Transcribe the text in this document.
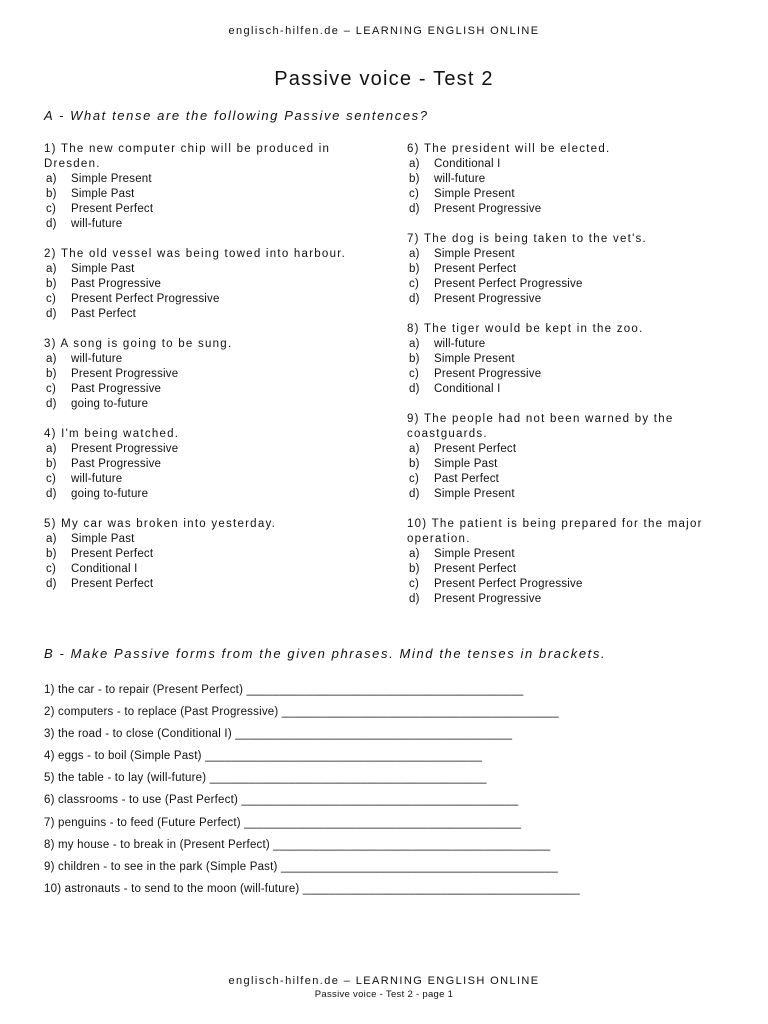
englisch-hilfen.de – LEARNING ENGLISH ONLINE
Passive voice - Test 2
A - What tense are the following Passive sentences?
1) The new computer chip will be produced in Dresden.
a) Simple Present
b) Simple Past
c) Present Perfect
d) will-future
2) The old vessel was being towed into harbour.
a) Simple Past
b) Past Progressive
c) Present Perfect Progressive
d) Past Perfect
3) A song is going to be sung.
a) will-future
b) Present Progressive
c) Past Progressive
d) going to-future
4) I'm being watched.
a) Present Progressive
b) Past Progressive
c) will-future
d) going to-future
5) My car was broken into yesterday.
a) Simple Past
b) Present Perfect
c) Conditional I
d) Present Perfect
6) The president will be elected.
a) Conditional I
b) will-future
c) Simple Present
d) Present Progressive
7) The dog is being taken to the vet's.
a) Simple Present
b) Present Perfect
c) Present Perfect Progressive
d) Present Progressive
8) The tiger would be kept in the zoo.
a) will-future
b) Simple Present
c) Present Progressive
d) Conditional I
9) The people had not been warned by the coastguards.
a) Present Perfect
b) Simple Past
c) Past Perfect
d) Simple Present
10) The patient is being prepared for the major operation.
a) Simple Present
b) Present Perfect
c) Present Perfect Progressive
d) Present Progressive
B - Make Passive forms from the given phrases. Mind the tenses in brackets.
1) the car - to repair (Present Perfect) __________________________________________
2) computers - to replace (Past Progressive) __________________________________________
3) the road - to close (Conditional I) __________________________________________
4) eggs - to boil (Simple Past) __________________________________________
5) the table - to lay (will-future) __________________________________________
6) classrooms - to use (Past Perfect) __________________________________________
7) penguins - to feed (Future Perfect) __________________________________________
8) my house - to break in (Present Perfect) __________________________________________
9) children - to see in the park (Simple Past) __________________________________________
10) astronauts - to send to the moon (will-future) __________________________________________
englisch-hilfen.de – LEARNING ENGLISH ONLINE
Passive voice - Test 2 - page 1
